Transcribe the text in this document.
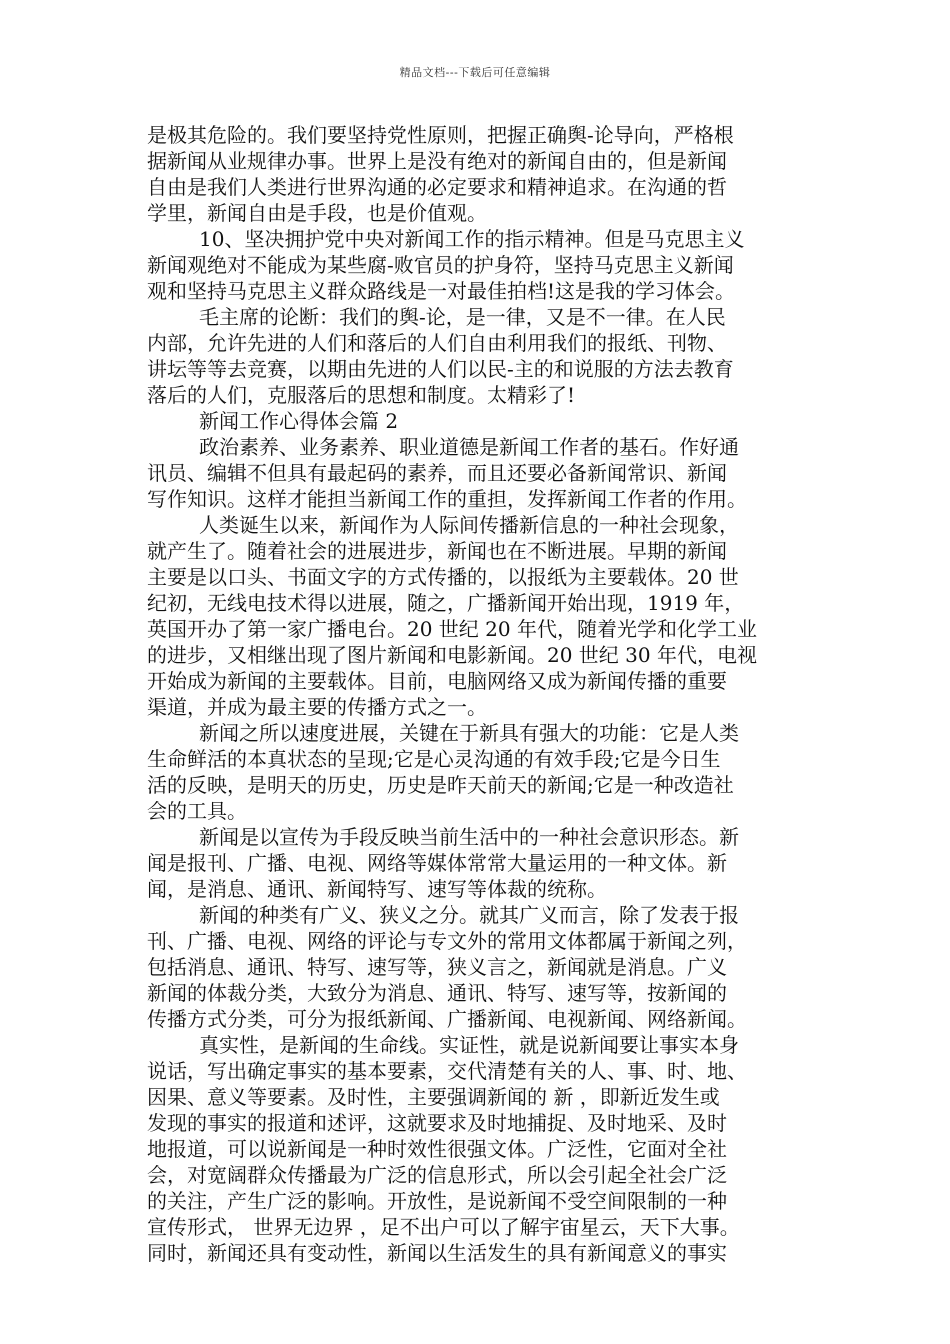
精品文档---下载后可任意编辑
是极其危险的。我们要坚持党性原则，把握正确舆-论导向，严格根
据新闻从业规律办事。世界上是没有绝对的新闻自由的，但是新闻
自由是我们人类进行世界沟通的必定要求和精神追求。在沟通的哲
学里，新闻自由是手段，也是价值观。
10、坚决拥护党中央对新闻工作的指示精神。但是马克思主义
新闻观绝对不能成为某些腐-败官员的护身符，坚持马克思主义新闻
观和坚持马克思主义群众路线是一对最佳拍档!这是我的学习体会。
毛主席的论断：我们的舆-论，是一律，又是不一律。在人民
内部，允许先进的人们和落后的人们自由利用我们的报纸、刊物、
讲坛等等去竞赛，以期由先进的人们以民-主的和说服的方法去教育
落后的人们，克服落后的思想和制度。太精彩了!
新闻工作心得体会篇 2
政治素养、业务素养、职业道德是新闻工作者的基石。作好通
讯员、编辑不但具有最起码的素养，而且还要必备新闻常识、新闻
写作知识。这样才能担当新闻工作的重担，发挥新闻工作者的作用。
人类诞生以来，新闻作为人际间传播新信息的一种社会现象，
就产生了。随着社会的进展进步，新闻也在不断进展。早期的新闻
主要是以口头、书面文字的方式传播的，以报纸为主要载体。20 世
纪初，无线电技术得以进展，随之，广播新闻开始出现，1919 年，
英国开办了第一家广播电台。20 世纪 20 年代，随着光学和化学工业
的进步，又相继出现了图片新闻和电影新闻。20 世纪 30 年代，电视
开始成为新闻的主要载体。目前，电脑网络又成为新闻传播的重要
渠道，并成为最主要的传播方式之一。
新闻之所以速度进展，关键在于新具有强大的功能：它是人类
生命鲜活的本真状态的呈现;它是心灵沟通的有效手段;它是今日生
活的反映，是明天的历史，历史是昨天前天的新闻;它是一种改造社
会的工具。
新闻是以宣传为手段反映当前生活中的一种社会意识形态。新
闻是报刊、广播、电视、网络等媒体常常大量运用的一种文体。新
闻，是消息、通讯、新闻特写、速写等体裁的统称。
新闻的种类有广义、狭义之分。就其广义而言，除了发表于报
刊、广播、电视、网络的评论与专文外的常用文体都属于新闻之列，
包括消息、通讯、特写、速写等，狭义言之，新闻就是消息。广义
新闻的体裁分类，大致分为消息、通讯、特写、速写等，按新闻的
传播方式分类，可分为报纸新闻、广播新闻、电视新闻、网络新闻。
真实性，是新闻的生命线。实证性，就是说新闻要让事实本身
说话，写出确定事实的基本要素，交代清楚有关的人、事、时、地、
因果、意义等要素。及时性，主要强调新闻的 新 ，即新近发生或
发现的事实的报道和述评，这就要求及时地捕捉、及时地采、及时
地报道，可以说新闻是一种时效性很强文体。广泛性，它面对全社
会，对宽阔群众传播最为广泛的信息形式，所以会引起全社会广泛
的关注，产生广泛的影响。开放性，是说新闻不受空间限制的一种
宣传形式， 世界无边界 ，足不出户可以了解宇宙星云，天下大事。
同时，新闻还具有变动性，新闻以生活发生的具有新闻意义的事实
